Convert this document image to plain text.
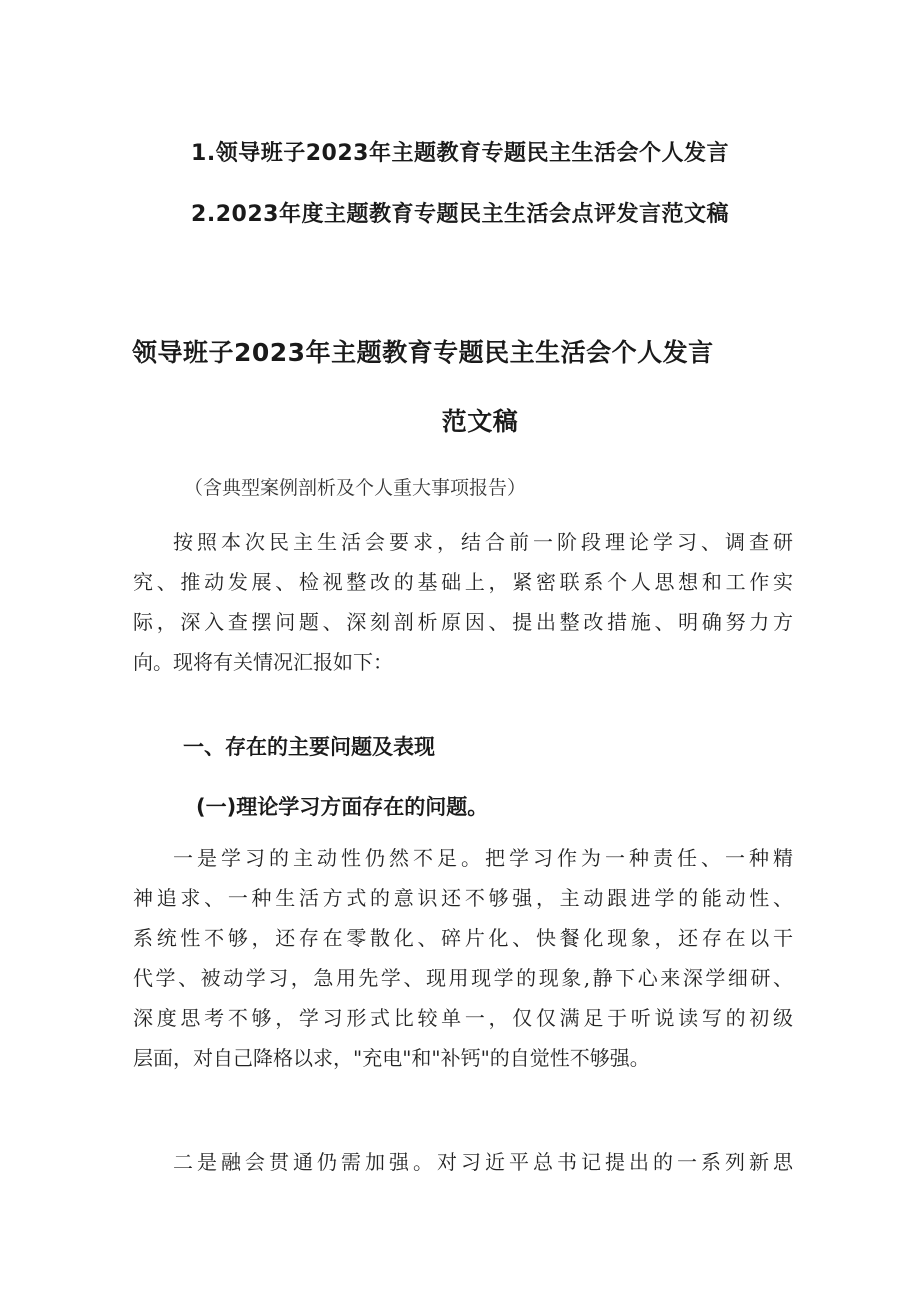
1.领导班子2023年主题教育专题民主生活会个人发言
2.2023年度主题教育专题民主生活会点评发言范文稿
领导班子2023年主题教育专题民主生活会个人发言
范文稿
（含典型案例剖析及个人重大事项报告）
按照本次民主生活会要求，结合前一阶段理论学习、调查研
究、推动发展、检视整改的基础上，紧密联系个人思想和工作实
际，深入查摆问题、深刻剖析原因、提出整改措施、明确努力方
向。现将有关情况汇报如下：
一、存在的主要问题及表现
(一)理论学习方面存在的问题。
一是学习的主动性仍然不足。把学习作为一种责任、一种精
神追求、一种生活方式的意识还不够强，主动跟进学的能动性、
系统性不够，还存在零散化、碎片化、快餐化现象，还存在以干
代学、被动学习，急用先学、现用现学的现象,静下心来深学细研、
深度思考不够，学习形式比较单一，仅仅满足于听说读写的初级
层面，对自己降格以求，"充电"和"补钙"的自觉性不够强。
二是融会贯通仍需加强。对习近平总书记提出的一系列新思
